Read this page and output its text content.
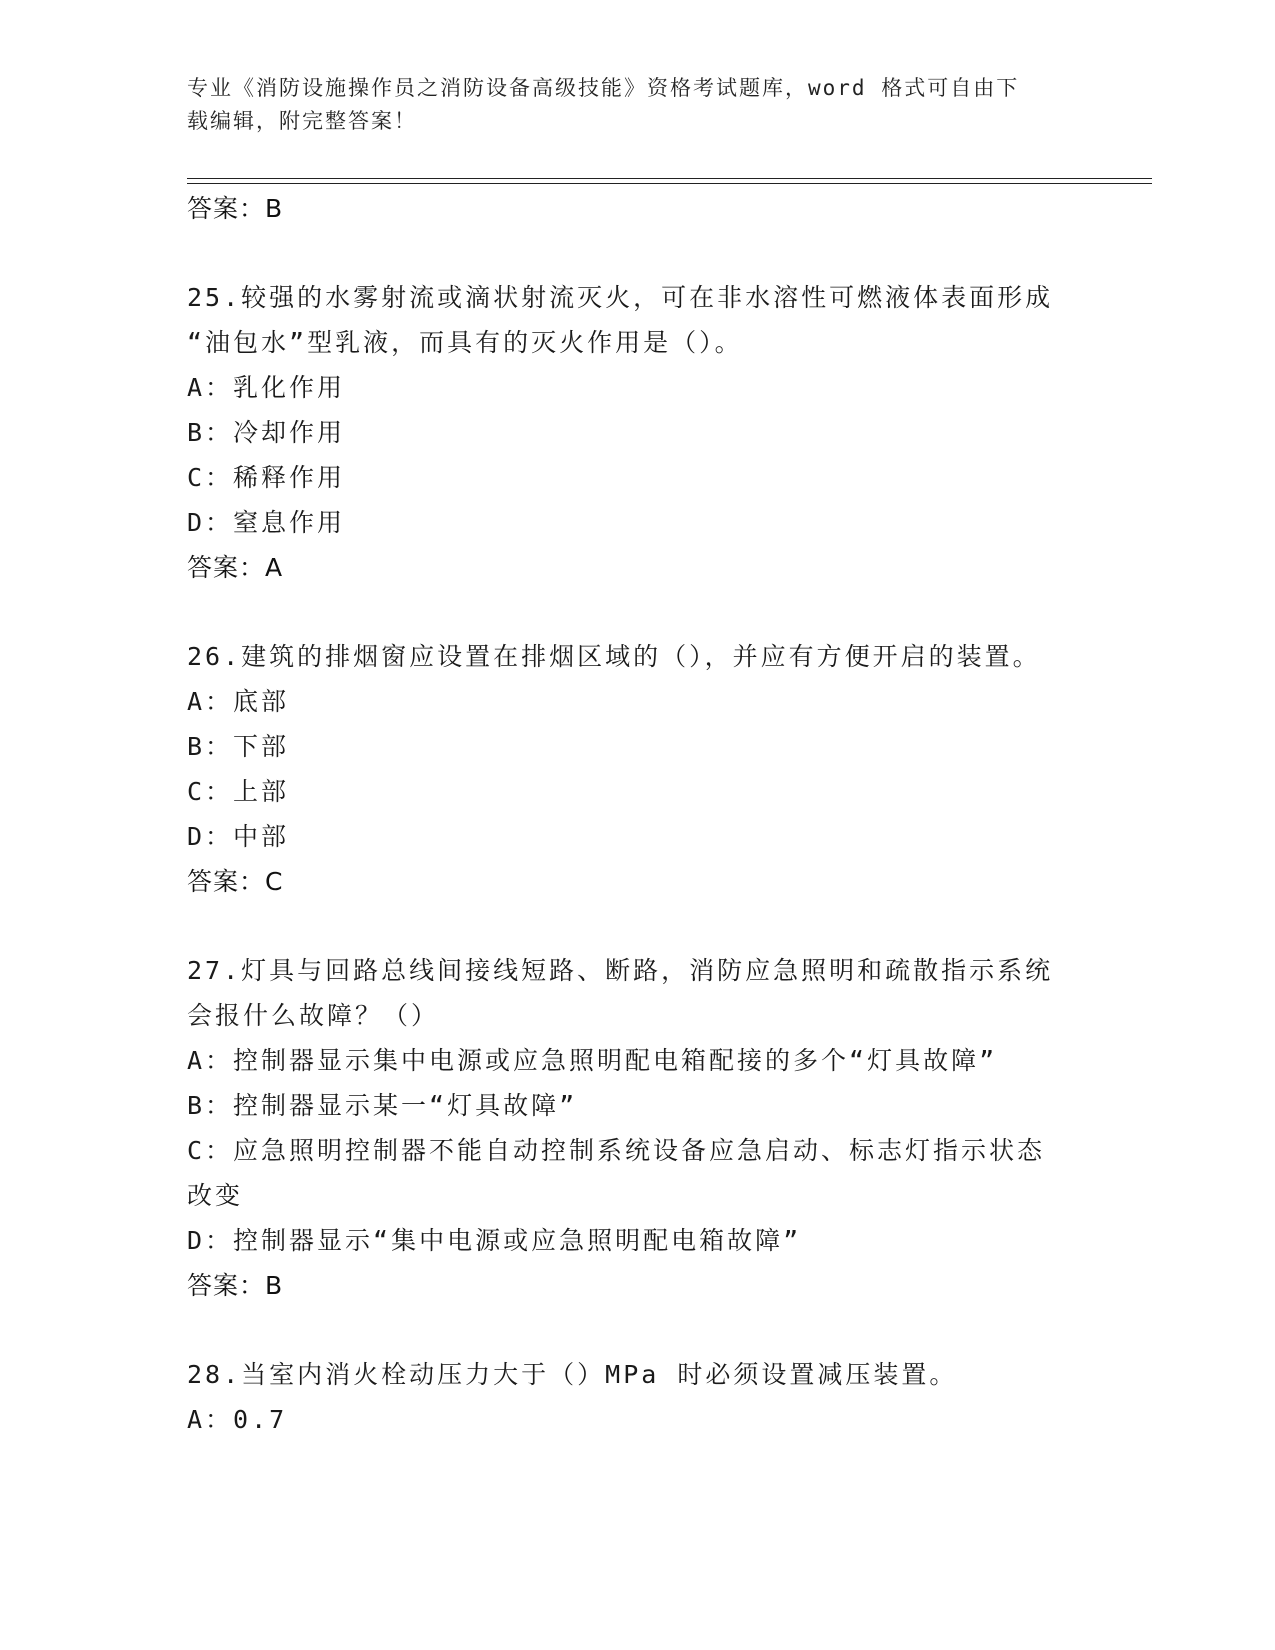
专业《消防设施操作员之消防设备高级技能》资格考试题库，word 格式可自由下
载编辑，附完整答案！
答案：B
25.较强的水雾射流或滴状射流灭火，可在非水溶性可燃液体表面形成
“油包水”型乳液，而具有的灭火作用是（）。
A：乳化作用
B：冷却作用
C：稀释作用
D：窒息作用
答案：A
26.建筑的排烟窗应设置在排烟区域的（），并应有方便开启的装置。
A：底部
B：下部
C：上部
D：中部
答案：C
27.灯具与回路总线间接线短路、断路，消防应急照明和疏散指示系统
会报什么故障？（）
A：控制器显示集中电源或应急照明配电箱配接的多个“灯具故障”
B：控制器显示某一“灯具故障”
C：应急照明控制器不能自动控制系统设备应急启动、标志灯指示状态
改变
D：控制器显示“集中电源或应急照明配电箱故障”
答案：B
28.当室内消火栓动压力大于（）MPa 时必须设置减压装置。
A：0.7
